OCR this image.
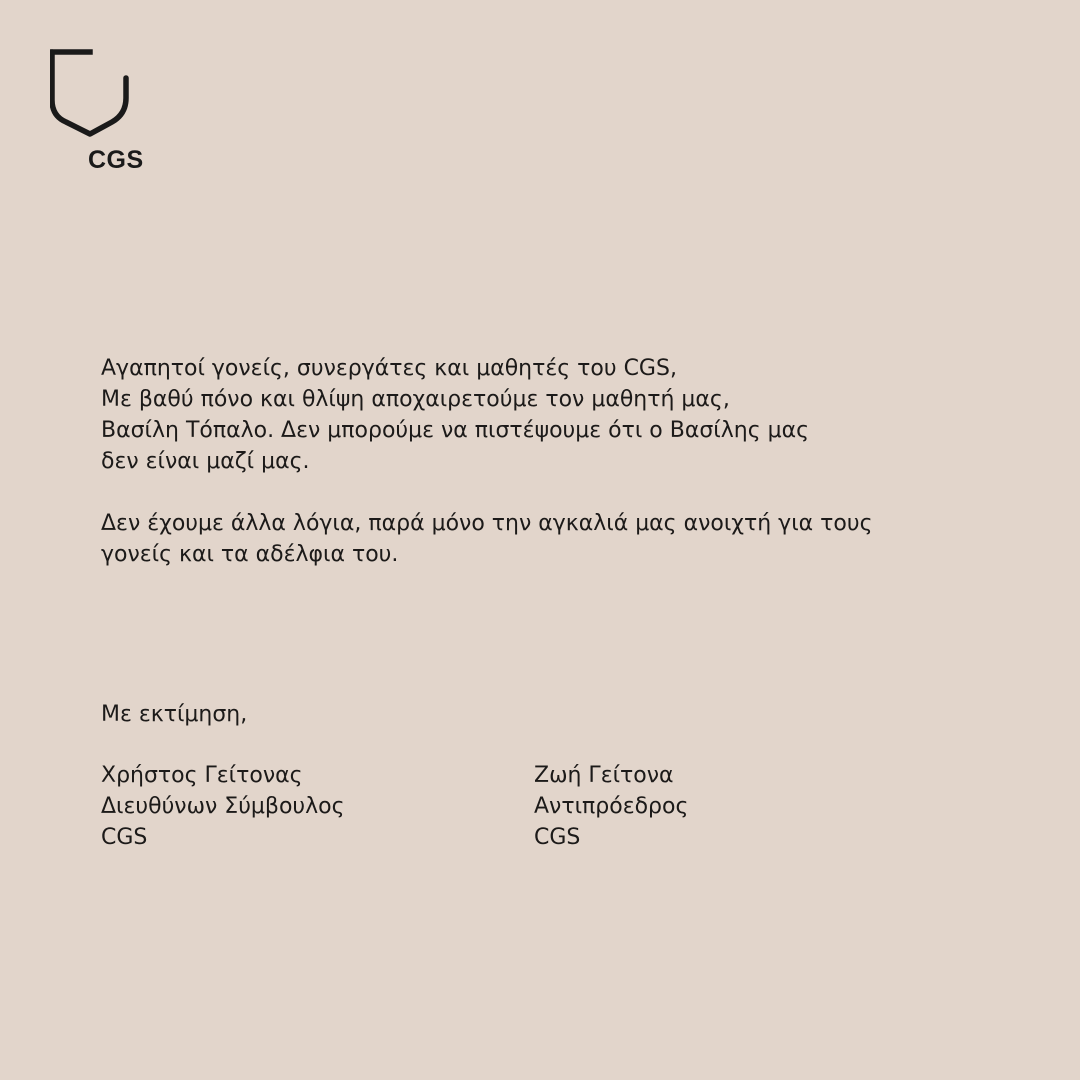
CGS

Αγαπητοί γονείς, συνεργάτες και μαθητές του CGS,

Με βαθύ πόνο και θλίψη αποχαιρετούμε τον μαθητή μας,
Βασίλη Τόπαλο. Δεν μπορούμε να πιστέψουμε ότι ο Βασίλης μας
δεν είναι μαζί μας.

Δεν έχουμε άλλα λόγια, παρά μόνο την αγκαλιά μας ανοιχτή για τους
γονείς και τα αδέλφια του.

Με εκτίμηση,
Χρήστος Γείτονας
Διευθύνων Σύμβουλος
CGS
Ζωή Γείτονα
Αντιπρόεδρος
CGS
